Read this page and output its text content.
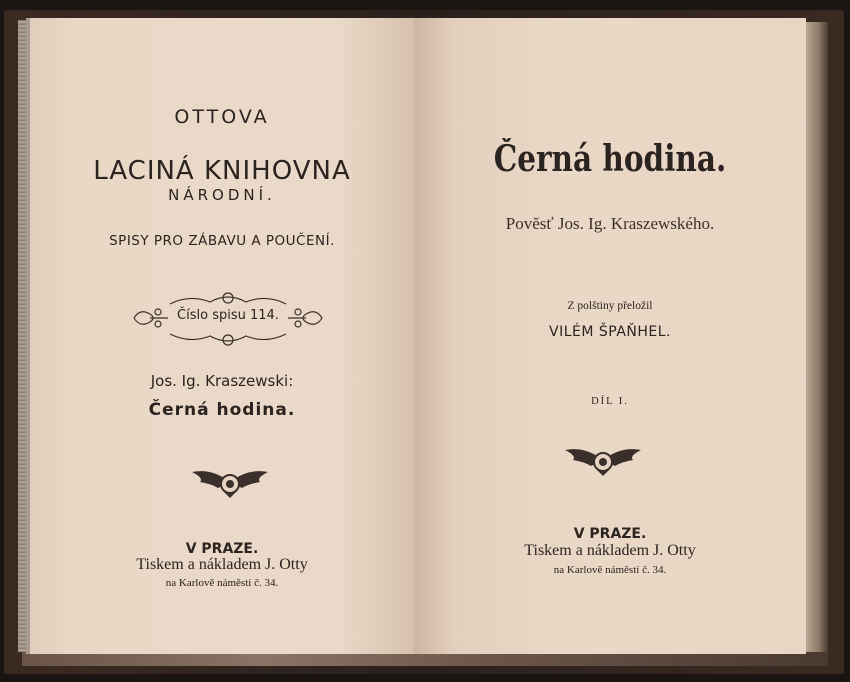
OTTOVA
LACINÁ KNIHOVNA
NÁRODNÍ.
SPISY PRO ZÁBAVU A POUČENÍ.
Číslo spisu 114.
Jos. Ig. Kraszewski:
Černá hodina.
V PRAZE.
Tiskem a nákladem J. Otty
na Karlově náměstí č. 34.
Černá hodina.
Povĕsť Jos. Ig. Kraszewského.
Z polštiny přeložil
VILÉM ŠPAŇHEL.
DÍL I.
V PRAZE.
Tiskem a nákladem J. Otty
na Karlově náměstí č. 34.
